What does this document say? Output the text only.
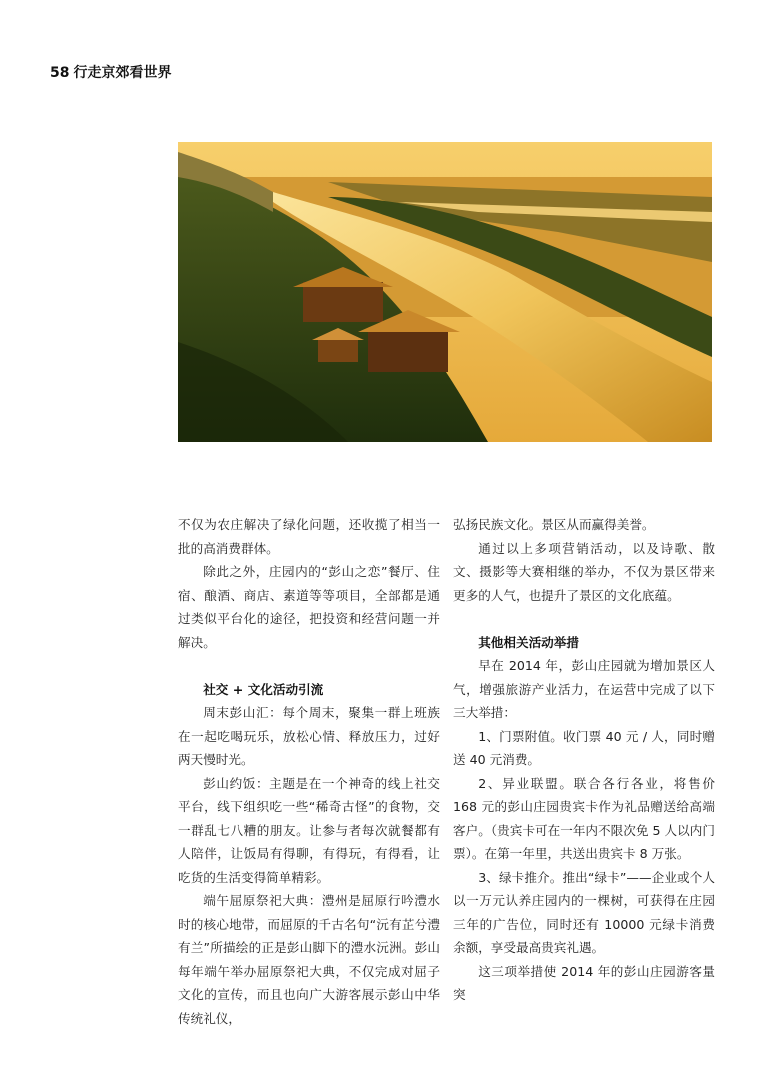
58 行走京郊看世界

不仅为农庄解决了绿化问题，还收揽了相当一批的高消费群体。

除此之外，庄园内的“彭山之恋”餐厅、住宿、酿酒、商店、素道等等项目，全部都是通过类似平台化的途径，把投资和经营问题一并解决。

社交 + 文化活动引流

周末彭山汇：每个周末，聚集一群上班族在一起吃喝玩乐，放松心情、释放压力，过好两天慢时光。

彭山约饭：主题是在一个神奇的线上社交平台，线下组织吃一些“稀奇古怪”的食物，交一群乱七八糟的朋友。让参与者每次就餐都有人陪伴，让饭局有得聊，有得玩，有得看，让吃货的生活变得简单精彩。

端午屈原祭祀大典：澧州是屈原行吟澧水时的核心地带，而屈原的千古名句“沅有芷兮澧有兰”所描绘的正是彭山脚下的澧水沅洲。彭山每年端午举办屈原祭祀大典，不仅完成对屈子文化的宣传，而且也向广大游客展示彭山中华传统礼仪，

弘扬民族文化。景区从而赢得美誉。

通过以上多项营销活动，以及诗歌、散文、摄影等大赛相继的举办，不仅为景区带来更多的人气，也提升了景区的文化底蕴。

其他相关活动举措

早在 2014 年，彭山庄园就为增加景区人气，增强旅游产业活力，在运营中完成了以下三大举措：

1、门票附值。收门票 40 元 / 人，同时赠送 40 元消费。

2、异业联盟。联合各行各业，将售价 168 元的彭山庄园贵宾卡作为礼品赠送给高端客户。（贵宾卡可在一年内不限次免 5 人以内门票）。在第一年里，共送出贵宾卡 8 万张。

3、绿卡推介。推出“绿卡”——企业或个人以一万元认养庄园内的一棵树，可获得在庄园三年的广告位，同时还有 10000 元绿卡消费余额，享受最高贵宾礼遇。

这三项举措使 2014 年的彭山庄园游客量突
